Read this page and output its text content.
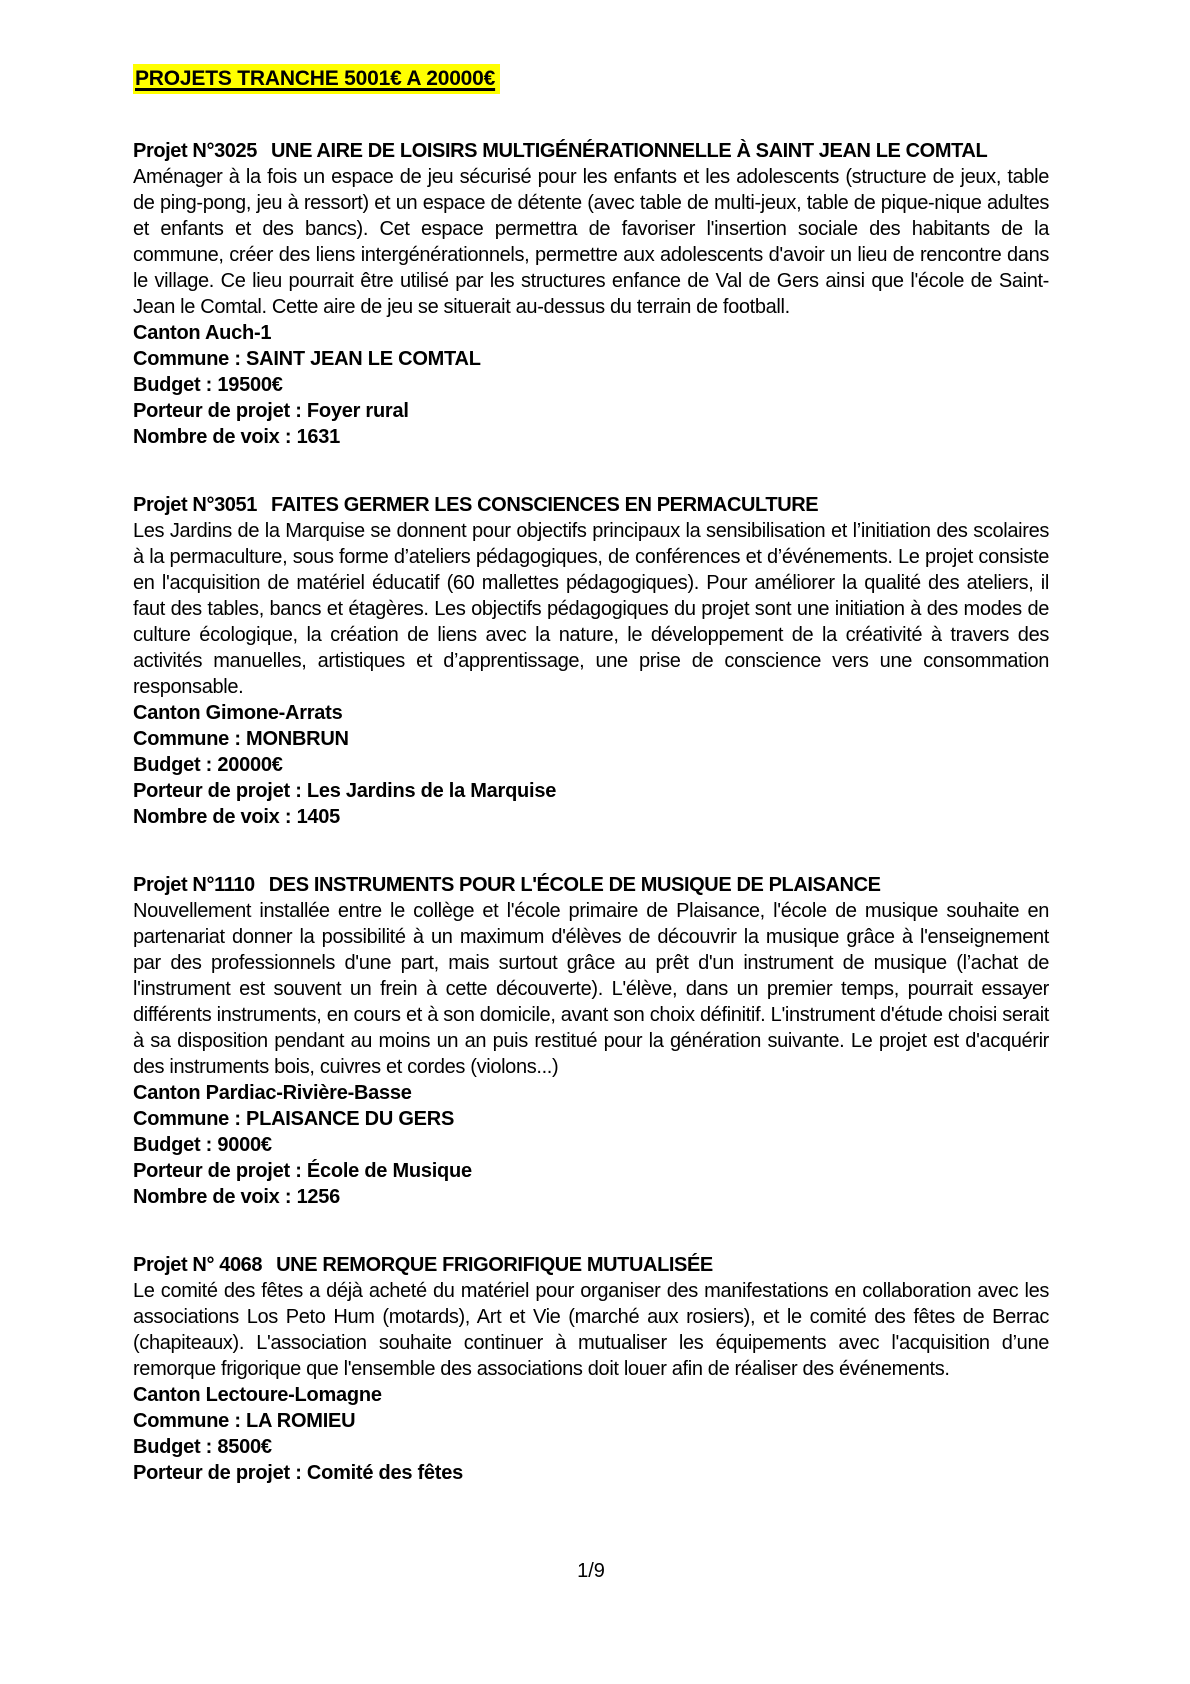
PROJETS TRANCHE 5001€ A 20000€
Projet N°3025 UNE AIRE DE LOISIRS MULTIGÉNÉRATIONNELLE À SAINT JEAN LE COMTAL

Aménager à la fois un espace de jeu sécurisé pour les enfants et les adolescents (structure de jeux, table de ping-pong, jeu à ressort) et un espace de détente (avec table de multi-jeux, table de pique-nique adultes et enfants et des bancs). Cet espace permettra de favoriser l'insertion sociale des habitants de la commune, créer des liens intergénérationnels, permettre aux adolescents d'avoir un lieu de rencontre dans le village. Ce lieu pourrait être utilisé par les structures enfance de Val de Gers ainsi que l'école de Saint-Jean le Comtal. Cette aire de jeu se situerait au-dessus du terrain de football.

Canton Auch-1
Commune : SAINT JEAN LE COMTAL
Budget : 19500€
Porteur de projet : Foyer rural
Nombre de voix : 1631
Projet N°3051 FAITES GERMER LES CONSCIENCES EN PERMACULTURE

Les Jardins de la Marquise se donnent pour objectifs principaux la sensibilisation et l’initiation des scolaires à la permaculture, sous forme d’ateliers pédagogiques, de conférences et d’événements. Le projet consiste en l'acquisition de matériel éducatif (60 mallettes pédagogiques). Pour améliorer la qualité des ateliers, il faut des tables, bancs et étagères. Les objectifs pédagogiques du projet sont une initiation à des modes de culture écologique, la création de liens avec la nature, le développement de la créativité à travers des activités manuelles, artistiques et d’apprentissage, une prise de conscience vers une consommation responsable.

Canton Gimone-Arrats
Commune : MONBRUN
Budget : 20000€
Porteur de projet : Les Jardins de la Marquise
Nombre de voix : 1405
Projet N°1110 DES INSTRUMENTS POUR L'ÉCOLE DE MUSIQUE DE PLAISANCE

Nouvellement installée entre le collège et l'école primaire de Plaisance, l'école de musique souhaite en partenariat donner la possibilité à un maximum d'élèves de découvrir la musique grâce à l'enseignement par des professionnels d'une part, mais surtout grâce au prêt d'un instrument de musique (l’achat de l'instrument est souvent un frein à cette découverte). L'élève, dans un premier temps, pourrait essayer différents instruments, en cours et à son domicile, avant son choix définitif. L'instrument d'étude choisi serait à sa disposition pendant au moins un an puis restitué pour la génération suivante. Le projet est d'acquérir des instruments bois, cuivres et cordes (violons...)

Canton Pardiac-Rivière-Basse
Commune : PLAISANCE DU GERS
Budget : 9000€
Porteur de projet : École de Musique
Nombre de voix : 1256
Projet N° 4068 UNE REMORQUE FRIGORIFIQUE MUTUALISÉE

Le comité des fêtes a déjà acheté du matériel pour organiser des manifestations en collaboration avec les associations Los Peto Hum (motards), Art et Vie (marché aux rosiers), et le comité des fêtes de Berrac (chapiteaux). L'association souhaite continuer à mutualiser les équipements avec l'acquisition d’une remorque frigorique que l'ensemble des associations doit louer afin de réaliser des événements.

Canton Lectoure-Lomagne
Commune : LA ROMIEU
Budget : 8500€
Porteur de projet : Comité des fêtes
1/9
